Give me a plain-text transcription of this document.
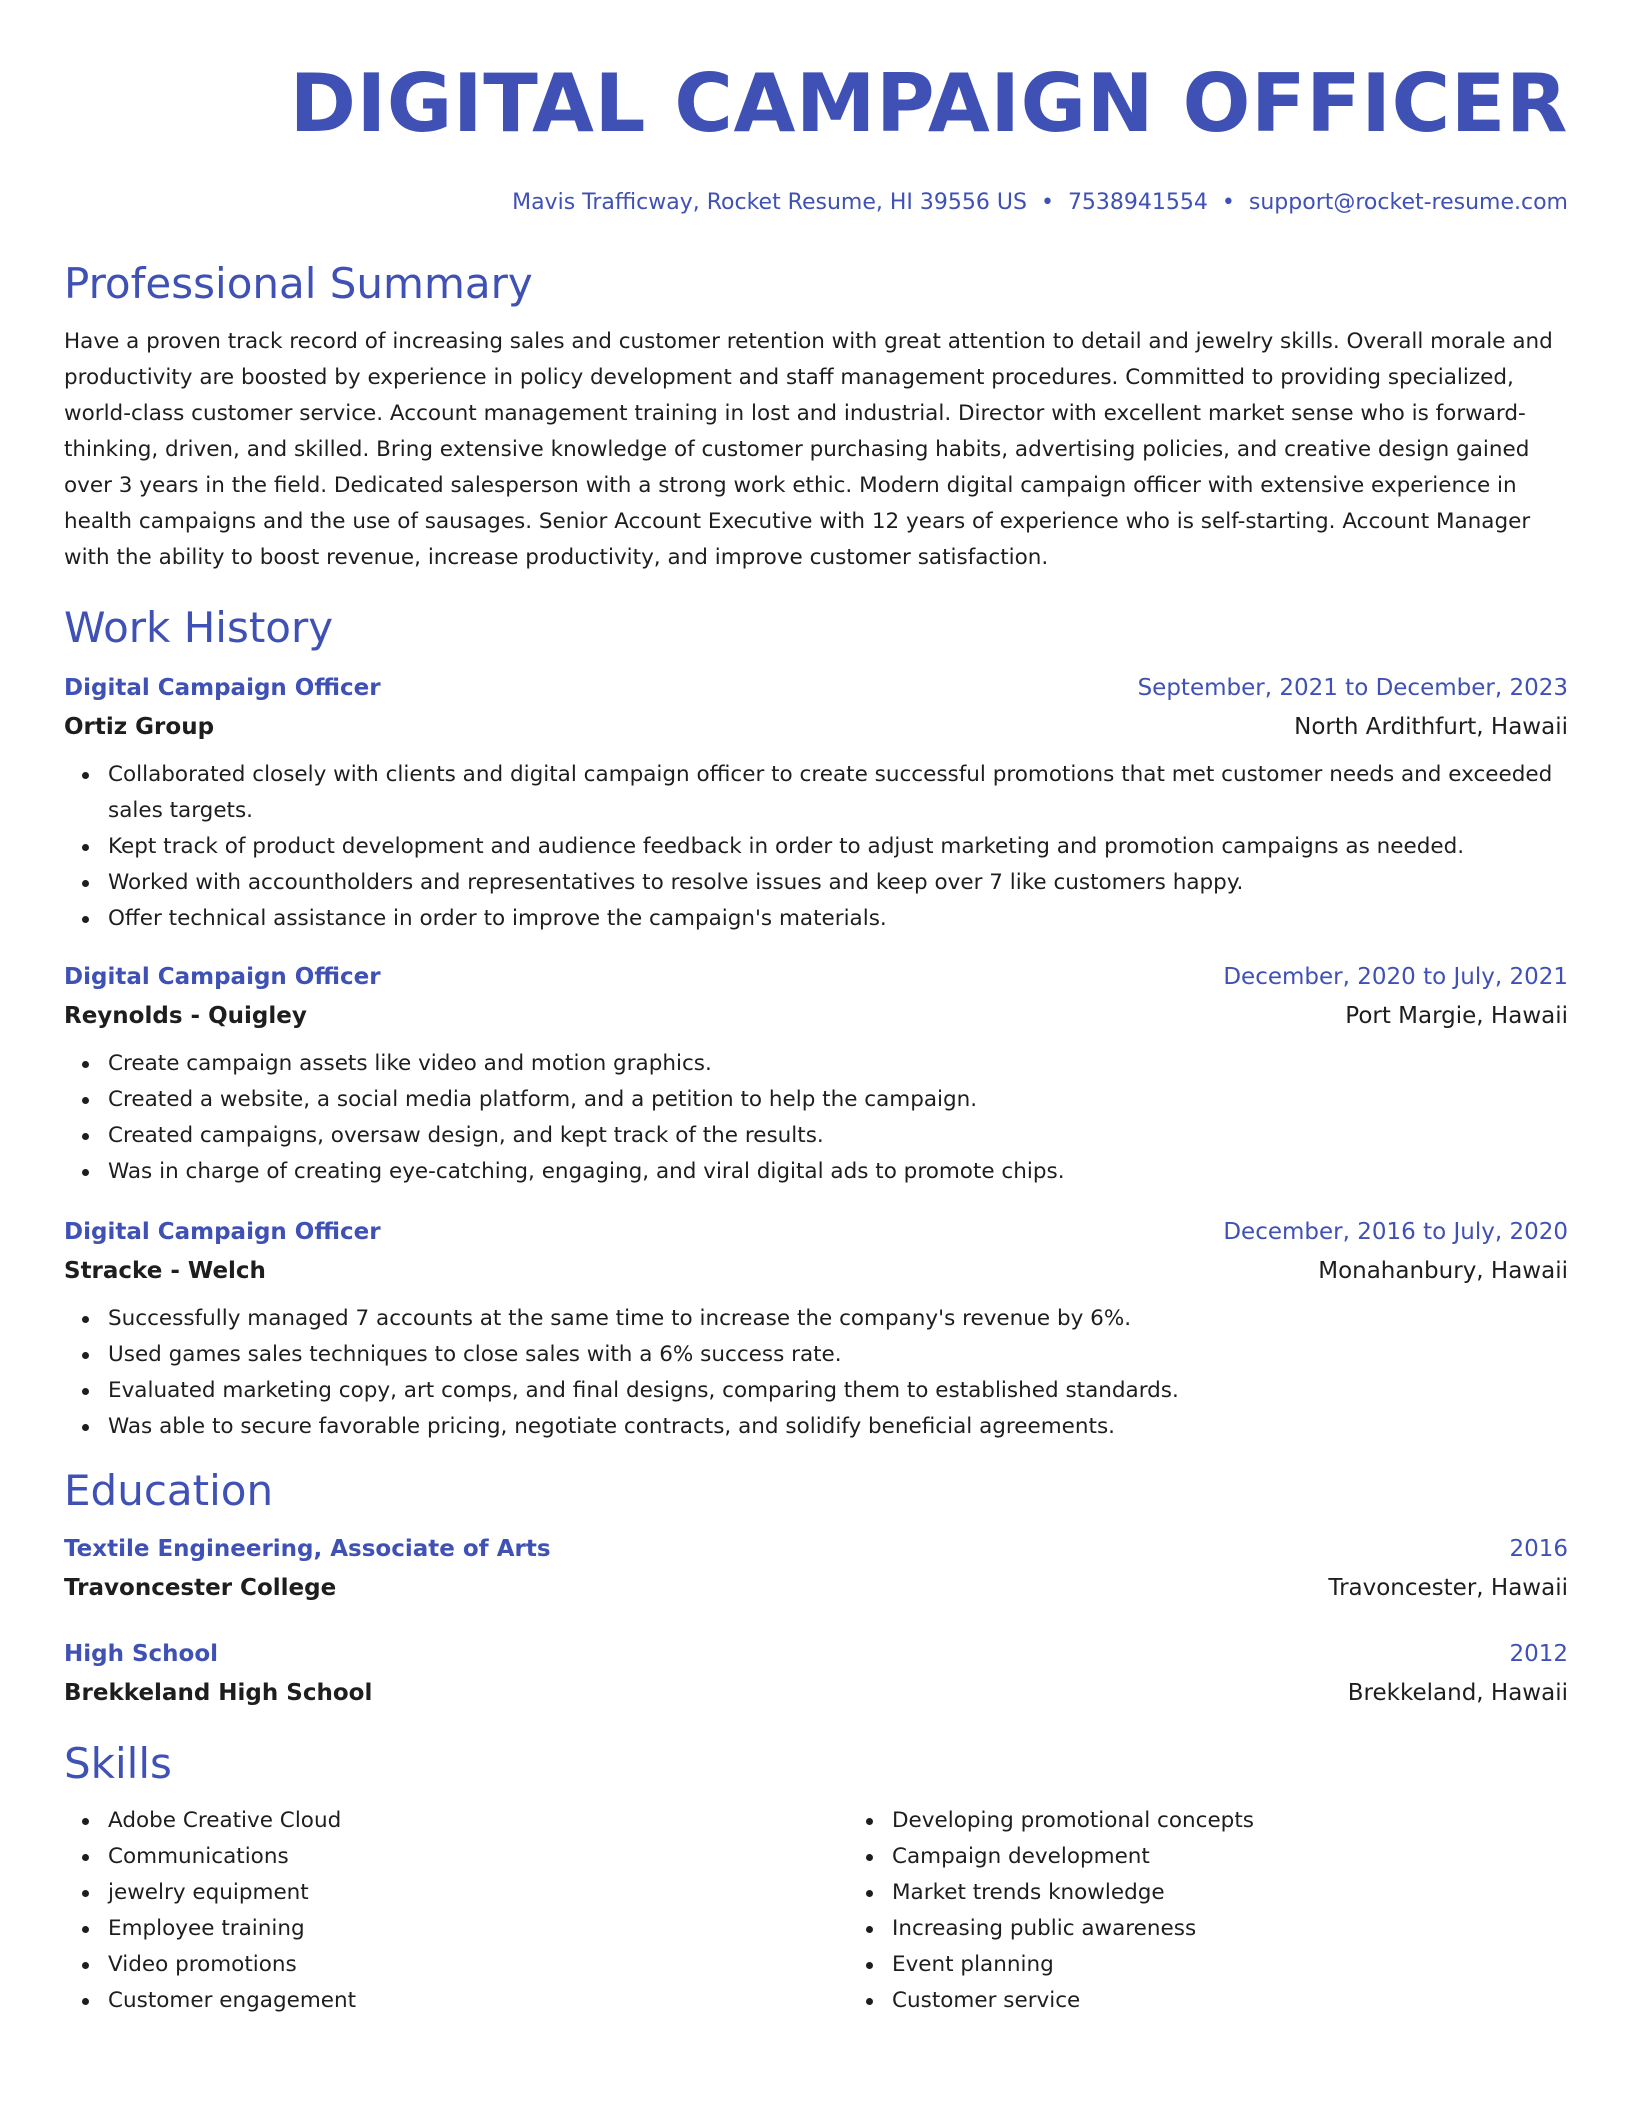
DIGITAL CAMPAIGN OFFICER
Mavis Trafficway, Rocket Resume, HI 39556 US • 7538941554 • support@rocket-resume.com
Professional Summary
Have a proven track record of increasing sales and customer retention with great attention to detail and jewelry skills. Overall morale and productivity are boosted by experience in policy development and staff management procedures. Committed to providing specialized, world-class customer service. Account management training in lost and industrial. Director with excellent market sense who is forward-thinking, driven, and skilled. Bring extensive knowledge of customer purchasing habits, advertising policies, and creative design gained over 3 years in the field. Dedicated salesperson with a strong work ethic. Modern digital campaign officer with extensive experience in health campaigns and the use of sausages. Senior Account Executive with 12 years of experience who is self-starting. Account Manager with the ability to boost revenue, increase productivity, and improve customer satisfaction.
Work History
Digital Campaign Officer	September, 2021 to December, 2023
Ortiz Group	North Ardithfurt, Hawaii
Collaborated closely with clients and digital campaign officer to create successful promotions that met customer needs and exceeded sales targets.
Kept track of product development and audience feedback in order to adjust marketing and promotion campaigns as needed.
Worked with accountholders and representatives to resolve issues and keep over 7 like customers happy.
Offer technical assistance in order to improve the campaign's materials.
Digital Campaign Officer	December, 2020 to July, 2021
Reynolds - Quigley	Port Margie, Hawaii
Create campaign assets like video and motion graphics.
Created a website, a social media platform, and a petition to help the campaign.
Created campaigns, oversaw design, and kept track of the results.
Was in charge of creating eye-catching, engaging, and viral digital ads to promote chips.
Digital Campaign Officer	December, 2016 to July, 2020
Stracke - Welch	Monahanbury, Hawaii
Successfully managed 7 accounts at the same time to increase the company's revenue by 6%.
Used games sales techniques to close sales with a 6% success rate.
Evaluated marketing copy, art comps, and final designs, comparing them to established standards.
Was able to secure favorable pricing, negotiate contracts, and solidify beneficial agreements.
Education
Textile Engineering, Associate of Arts	2016
Travoncester College	Travoncester, Hawaii
High School	2012
Brekkeland High School	Brekkeland, Hawaii
Skills
Adobe Creative Cloud
Communications
jewelry equipment
Employee training
Video promotions
Customer engagement
Developing promotional concepts
Campaign development
Market trends knowledge
Increasing public awareness
Event planning
Customer service
